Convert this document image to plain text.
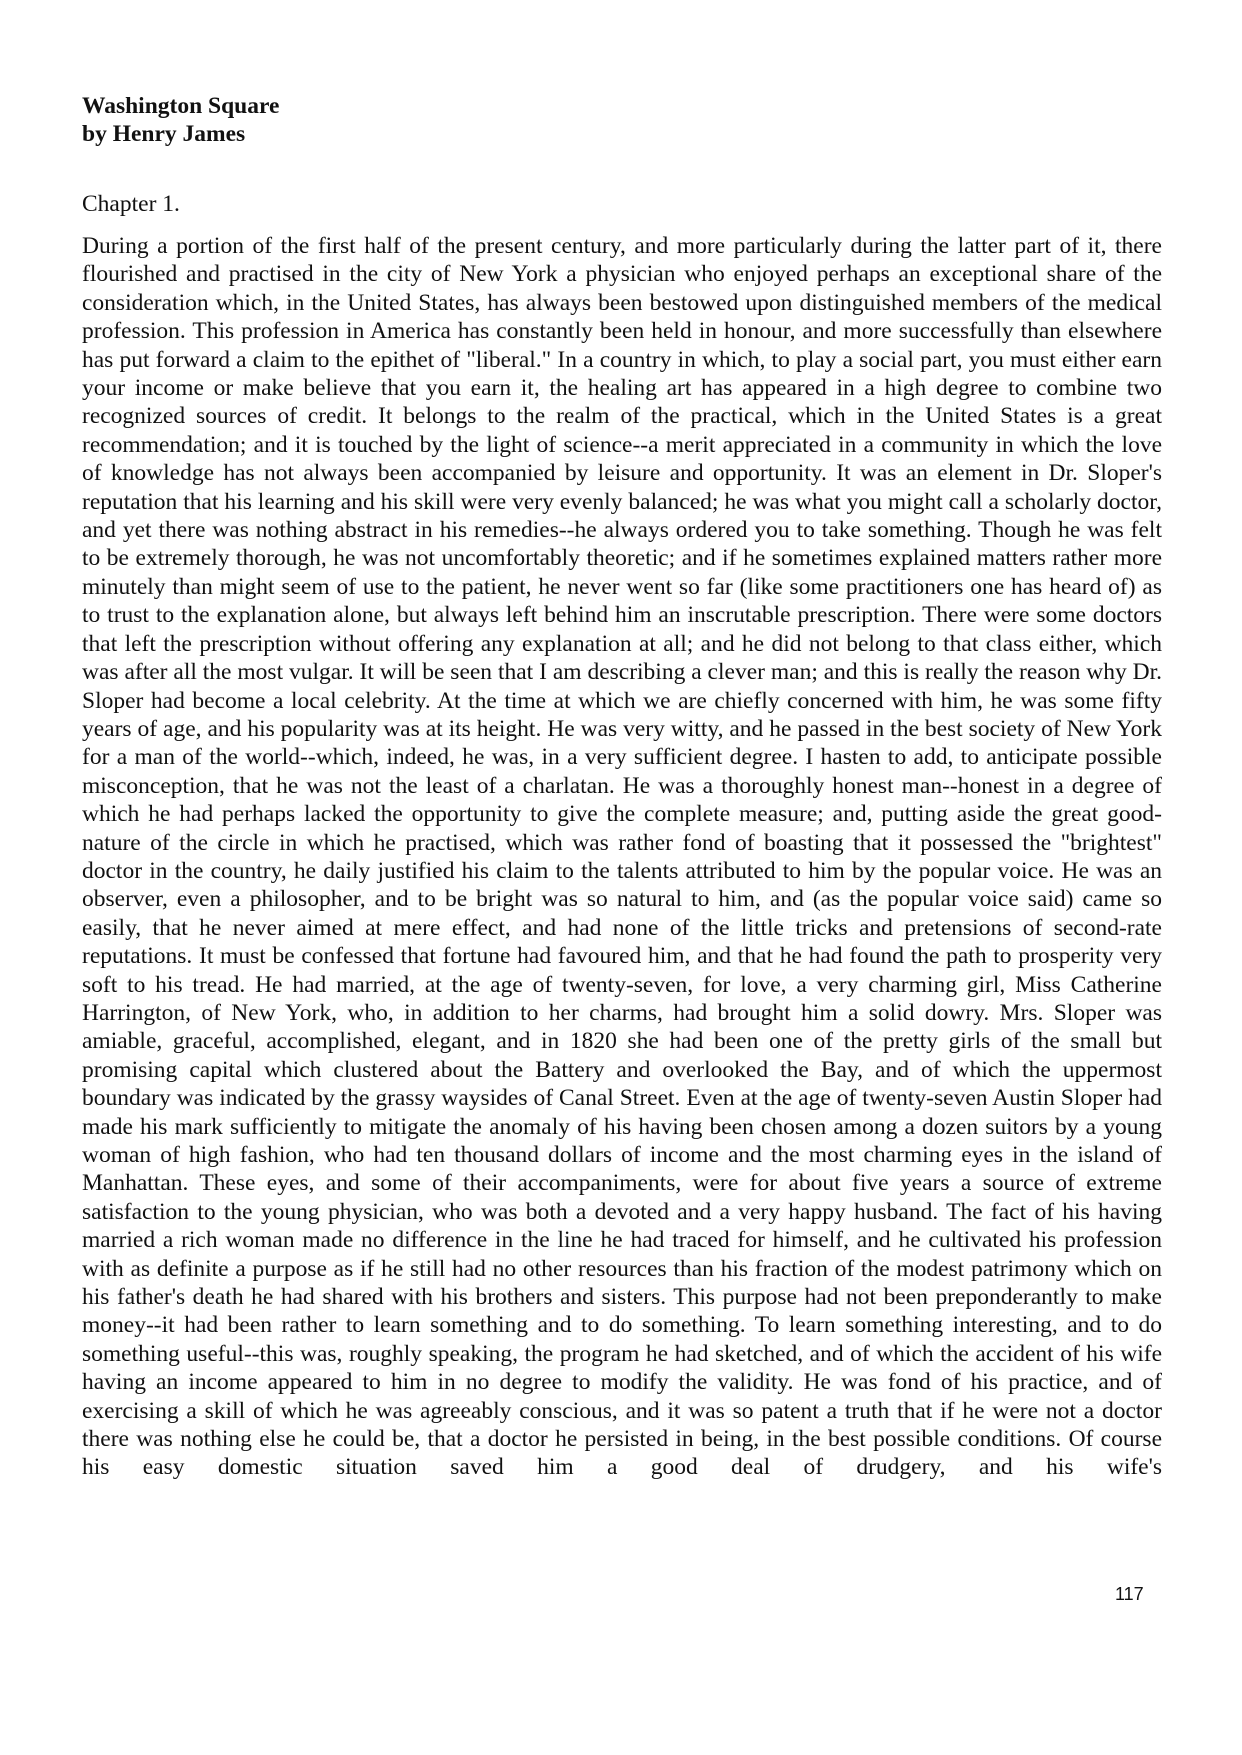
Washington Square
by Henry James
Chapter 1.

During a portion of the first half of the present century, and more particularly during the latter part of it, there flourished and practised in the city of New York a physician who enjoyed perhaps an exceptional share of the consideration which, in the United States, has always been bestowed upon distinguished members of the medical profession. This profession in America has constantly been held in honour, and more successfully than elsewhere has put forward a claim to the epithet of "liberal." In a country in which, to play a social part, you must either earn your income or make believe that you earn it, the healing art has appeared in a high degree to combine two recognized sources of credit. It belongs to the realm of the practical, which in the United States is a great recommendation; and it is touched by the light of science--a merit appreciated in a community in which the love of knowledge has not always been accompanied by leisure and opportunity. It was an element in Dr. Sloper's reputation that his learning and his skill were very evenly balanced; he was what you might call a scholarly doctor, and yet there was nothing abstract in his remedies--he always ordered you to take something. Though he was felt to be extremely thorough, he was not uncomfortably theoretic; and if he sometimes explained matters rather more minutely than might seem of use to the patient, he never went so far (like some practitioners one has heard of) as to trust to the explanation alone, but always left behind him an inscrutable prescription. There were some doctors that left the prescription without offering any explanation at all; and he did not belong to that class either, which was after all the most vulgar. It will be seen that I am describing a clever man; and this is really the reason why Dr. Sloper had become a local celebrity. At the time at which we are chiefly concerned with him, he was some fifty years of age, and his popularity was at its height. He was very witty, and he passed in the best society of New York for a man of the world--which, indeed, he was, in a very sufficient degree. I hasten to add, to anticipate possible misconception, that he was not the least of a charlatan. He was a thoroughly honest man--honest in a degree of which he had perhaps lacked the opportunity to give the complete measure; and, putting aside the great good-nature of the circle in which he practised, which was rather fond of boasting that it possessed the "brightest" doctor in the country, he daily justified his claim to the talents attributed to him by the popular voice. He was an observer, even a philosopher, and to be bright was so natural to him, and (as the popular voice said) came so easily, that he never aimed at mere effect, and had none of the little tricks and pretensions of second-rate reputations. It must be confessed that fortune had favoured him, and that he had found the path to prosperity very soft to his tread. He had married, at the age of twenty-seven, for love, a very charming girl, Miss Catherine Harrington, of New York, who, in addition to her charms, had brought him a solid dowry. Mrs. Sloper was amiable, graceful, accomplished, elegant, and in 1820 she had been one of the pretty girls of the small but promising capital which clustered about the Battery and overlooked the Bay, and of which the uppermost boundary was indicated by the grassy waysides of Canal Street. Even at the age of twenty-seven Austin Sloper had made his mark sufficiently to mitigate the anomaly of his having been chosen among a dozen suitors by a young woman of high fashion, who had ten thousand dollars of income and the most charming eyes in the island of Manhattan. These eyes, and some of their accompaniments, were for about five years a source of extreme satisfaction to the young physician, who was both a devoted and a very happy husband. The fact of his having married a rich woman made no difference in the line he had traced for himself, and he cultivated his profession with as definite a purpose as if he still had no other resources than his fraction of the modest patrimony which on his father's death he had shared with his brothers and sisters. This purpose had not been preponderantly to make money--it had been rather to learn something and to do something. To learn something interesting, and to do something useful--this was, roughly speaking, the program he had sketched, and of which the accident of his wife having an income appeared to him in no degree to modify the validity. He was fond of his practice, and of exercising a skill of which he was agreeably conscious, and it was so patent a truth that if he were not a doctor there was nothing else he could be, that a doctor he persisted in being, in the best possible conditions. Of course his easy domestic situation saved him a good deal of drudgery, and his wife's

117
